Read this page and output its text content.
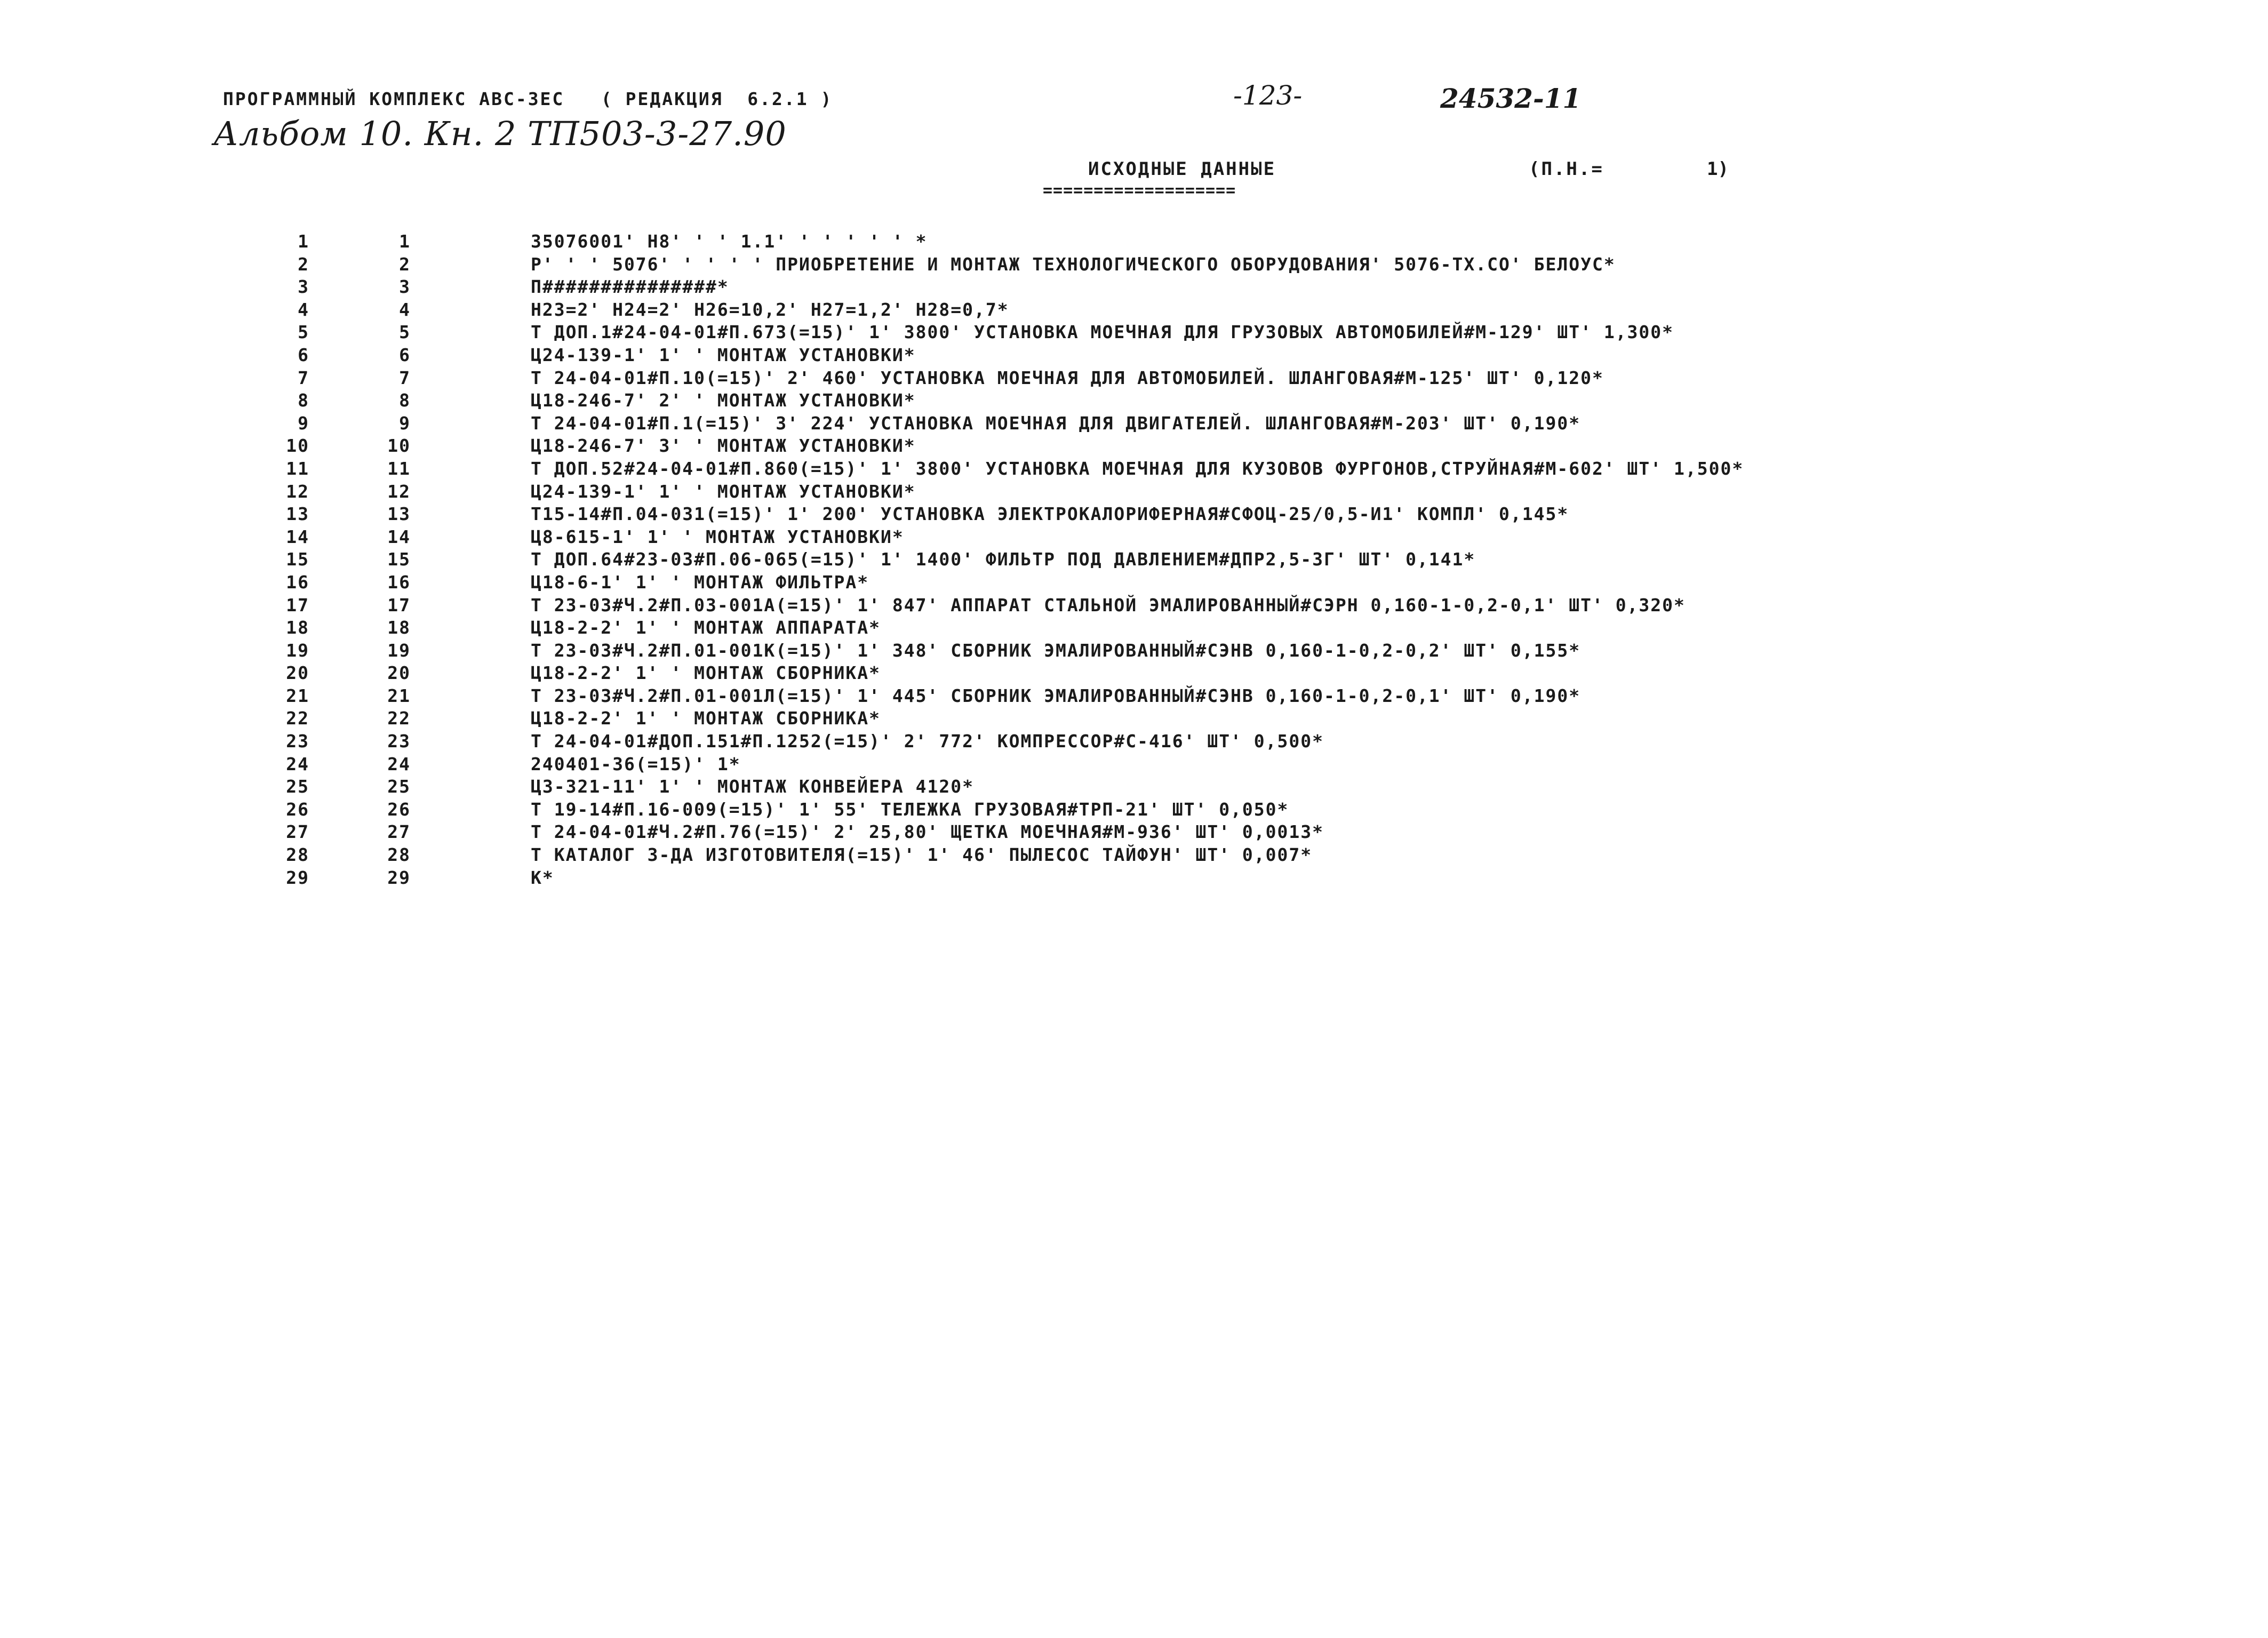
ПРОГРАММНЫЙ КОМПЛЕКС АВС-3ЕС   ( РЕДАКЦИЯ  6.2.1 )	-123-	24532-11
Альбом 10. Кн. 2 ТП503-3-27.90
ИСХОДНЫЕ ДАННЫЕ
===================
(П.Н.=	1)
1	1	35076001' Н8' ' ' 1.1' ' ' ' ' ' *
2	2	Р' ' ' 5076' ' ' ' ' ПРИОБРЕТЕНИЕ И МОНТАЖ ТЕХНОЛОГИЧЕСКОГО ОБОРУДОВАНИЯ' 5076-ТХ.СО' БЕЛОУС*
3	3	П###############*
4	4	Н23=2' Н24=2' Н26=10,2' Н27=1,2' Н28=0,7*
5	5	Т ДОП.1#24-04-01#П.673(=15)' 1' 3800' УСТАНОВКА МОЕЧНАЯ ДЛЯ ГРУЗОВЫХ АВТОМОБИЛЕЙ#М-129' ШТ' 1,300*
6	6	Ц24-139-1' 1' ' МОНТАЖ УСТАНОВКИ*
7	7	Т 24-04-01#П.10(=15)' 2' 460' УСТАНОВКА МОЕЧНАЯ ДЛЯ АВТОМОБИЛЕЙ. ШЛАНГОВАЯ#М-125' ШТ' 0,120*
8	8	Ц18-246-7' 2' ' МОНТАЖ УСТАНОВКИ*
9	9	Т 24-04-01#П.1(=15)' 3' 224' УСТАНОВКА МОЕЧНАЯ ДЛЯ ДВИГАТЕЛЕЙ. ШЛАНГОВАЯ#М-203' ШТ' 0,190*
10	10	Ц18-246-7' 3' ' МОНТАЖ УСТАНОВКИ*
11	11	Т ДОП.52#24-04-01#П.860(=15)' 1' 3800' УСТАНОВКА МОЕЧНАЯ ДЛЯ КУЗОВОВ ФУРГОНОВ,СТРУЙНАЯ#М-602' ШТ' 1,500*
12	12	Ц24-139-1' 1' ' МОНТАЖ УСТАНОВКИ*
13	13	Т15-14#П.04-031(=15)' 1' 200' УСТАНОВКА ЭЛЕКТРОКАЛОРИФЕРНАЯ#СФОЦ-25/0,5-И1' КОМПЛ' 0,145*
14	14	Ц8-615-1' 1' ' МОНТАЖ УСТАНОВКИ*
15	15	Т ДОП.64#23-03#П.06-065(=15)' 1' 1400' ФИЛЬТР ПОД ДАВЛЕНИЕМ#ДПР2,5-3Г' ШТ' 0,141*
16	16	Ц18-6-1' 1' ' МОНТАЖ ФИЛЬТРА*
17	17	Т 23-03#Ч.2#П.03-001А(=15)' 1' 847' АППАРАТ СТАЛЬНОЙ ЭМАЛИРОВАННЫЙ#СЭРН 0,160-1-0,2-0,1' ШТ' 0,320*
18	18	Ц18-2-2' 1' ' МОНТАЖ АППАРАТА*
19	19	Т 23-03#Ч.2#П.01-001К(=15)' 1' 348' СБОРНИК ЭМАЛИРОВАННЫЙ#СЭНВ 0,160-1-0,2-0,2' ШТ' 0,155*
20	20	Ц18-2-2' 1' ' МОНТАЖ СБОРНИКА*
21	21	Т 23-03#Ч.2#П.01-001Л(=15)' 1' 445' СБОРНИК ЭМАЛИРОВАННЫЙ#СЭНВ 0,160-1-0,2-0,1' ШТ' 0,190*
22	22	Ц18-2-2' 1' ' МОНТАЖ СБОРНИКА*
23	23	Т 24-04-01#ДОП.151#П.1252(=15)' 2' 772' КОМПРЕССОР#С-416' ШТ' 0,500*
24	24	240401-36(=15)' 1*
25	25	Ц3-321-11' 1' ' МОНТАЖ КОНВЕЙЕРА 4120*
26	26	Т 19-14#П.16-009(=15)' 1' 55' ТЕЛЕЖКА ГРУЗОВАЯ#ТРП-21' ШТ' 0,050*
27	27	Т 24-04-01#Ч.2#П.76(=15)' 2' 25,80' ЩЕТКА МОЕЧНАЯ#М-936' ШТ' 0,0013*
28	28	Т КАТАЛОГ З-ДА ИЗГОТОВИТЕЛЯ(=15)' 1' 46' ПЫЛЕСОС ТАЙФУН' ШТ' 0,007*
29	29	К*
